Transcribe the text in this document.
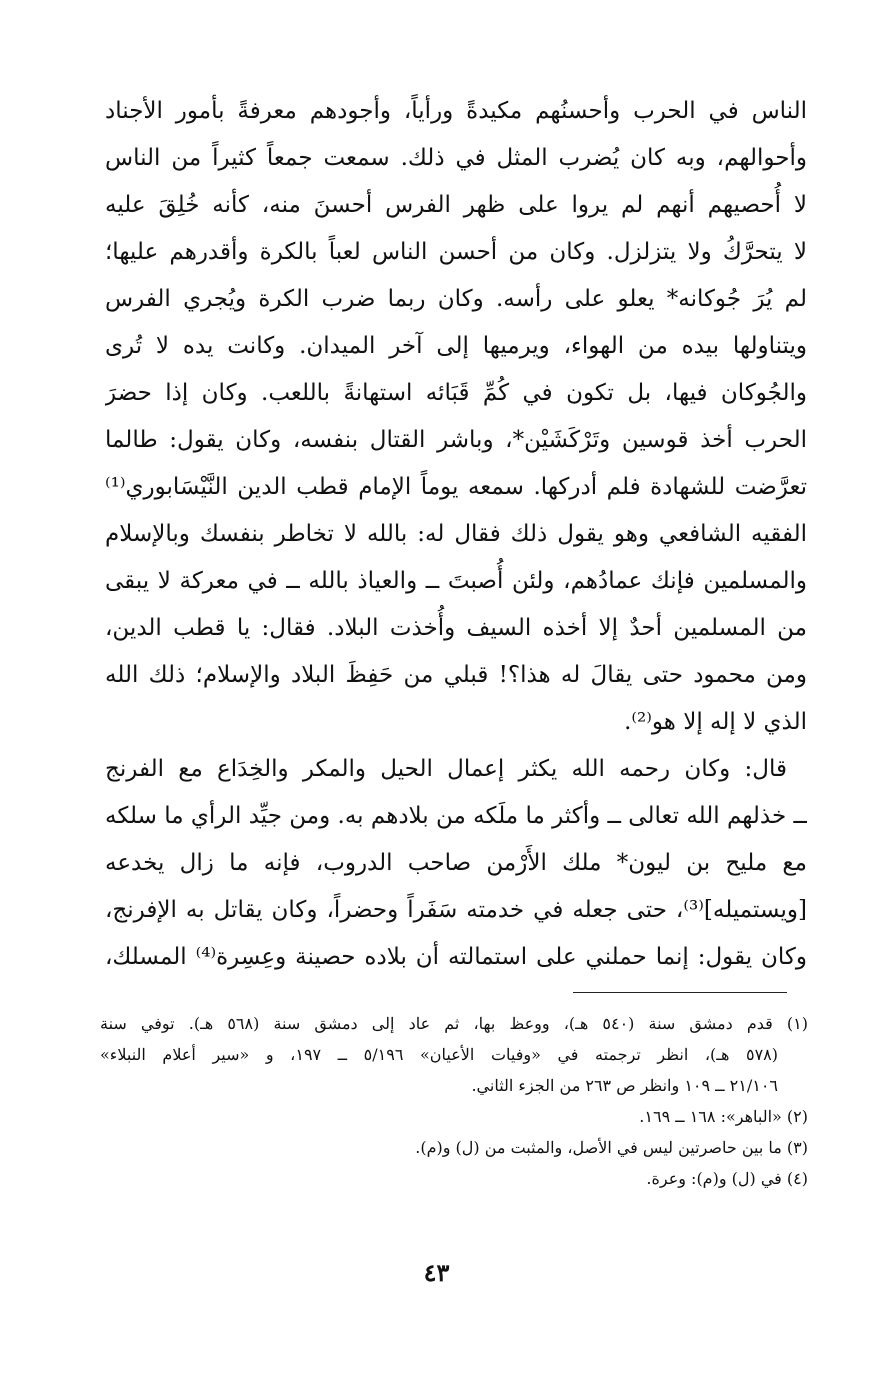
الناس في الحرب وأحسنُهم مكيدةً ورأياً، وأجودهم معرفةً بأمور الأجناد
وأحوالهم، وبه كان يُضرب المثل في ذلك. سمعت جمعاً كثيراً من الناس
لا أُحصيهم أنهم لم يروا على ظهر الفرس أحسنَ منه، كأنه خُلِقَ عليه
لا يتحرَّكُ ولا يتزلزل. وكان من أحسن الناس لعباً بالكرة وأقدرهم عليها؛
لم يُرَ جُوكانه* يعلو على رأسه. وكان ربما ضرب الكرة ويُجري الفرس
ويتناولها بيده من الهواء، ويرميها إلى آخر الميدان. وكانت يده لا تُرى
والجُوكان فيها، بل تكون في كُمِّ قَبَائه استهانةً باللعب. وكان إذا حضرَ
الحرب أخذ قوسين وتَرْكَشَيْن*، وباشر القتال بنفسه، وكان يقول: طالما
تعرَّضت للشهادة فلم أدركها. سمعه يوماً الإمام قطب الدين النَّيْسَابوري⁽¹⁾
الفقيه الشافعي وهو يقول ذلك فقال له: بالله لا تخاطر بنفسك وبالإسلام
والمسلمين فإنك عمادُهم، ولئن أُصبتَ ــ والعياذ بالله ــ في معركة لا يبقى
من المسلمين أحدٌ إلا أخذه السيف وأُخذت البلاد. فقال: يا قطب الدين،
ومن محمود حتى يقالَ له هذا؟! قبلي من حَفِظَ البلاد والإسلام؛ ذلك الله
الذي لا إله إلا هو⁽²⁾.
قال: وكان رحمه الله يكثر إعمال الحيل والمكر والخِدَاع مع الفرنج
ــ خذلهم الله تعالى ــ وأكثر ما ملَكه من بلادهم به. ومن جيِّد الرأي ما سلكه
مع مليح بن ليون* ملك الأَرْمن صاحب الدروب، فإنه ما زال يخدعه
[ويستميله]⁽³⁾، حتى جعله في خدمته سَفَراً وحضراً، وكان يقاتل به الإفرنج،
وكان يقول: إنما حملني على استمالته أن بلاده حصينة وعِسِرة⁽⁴⁾ المسلك،
(١) قدم دمشق سنة (٥٤٠ هـ)، ووعظ بها، ثم عاد إلى دمشق سنة (٥٦٨ هـ). توفي سنة
(٥٧٨ هـ)، انظر ترجمته في «وفيات الأعيان» ٥/١٩٦ ــ ١٩٧، و «سير أعلام النبلاء»
٢١/١٠٦ ــ ١٠٩ وانظر ص ٢٦٣ من الجزء الثاني.
(٢) «الباهر»: ١٦٨ ــ ١٦٩.
(٣) ما بين حاصرتين ليس في الأصل، والمثبت من (ل) و(م).
(٤) في (ل) و(م): وعرة.
٤٣
